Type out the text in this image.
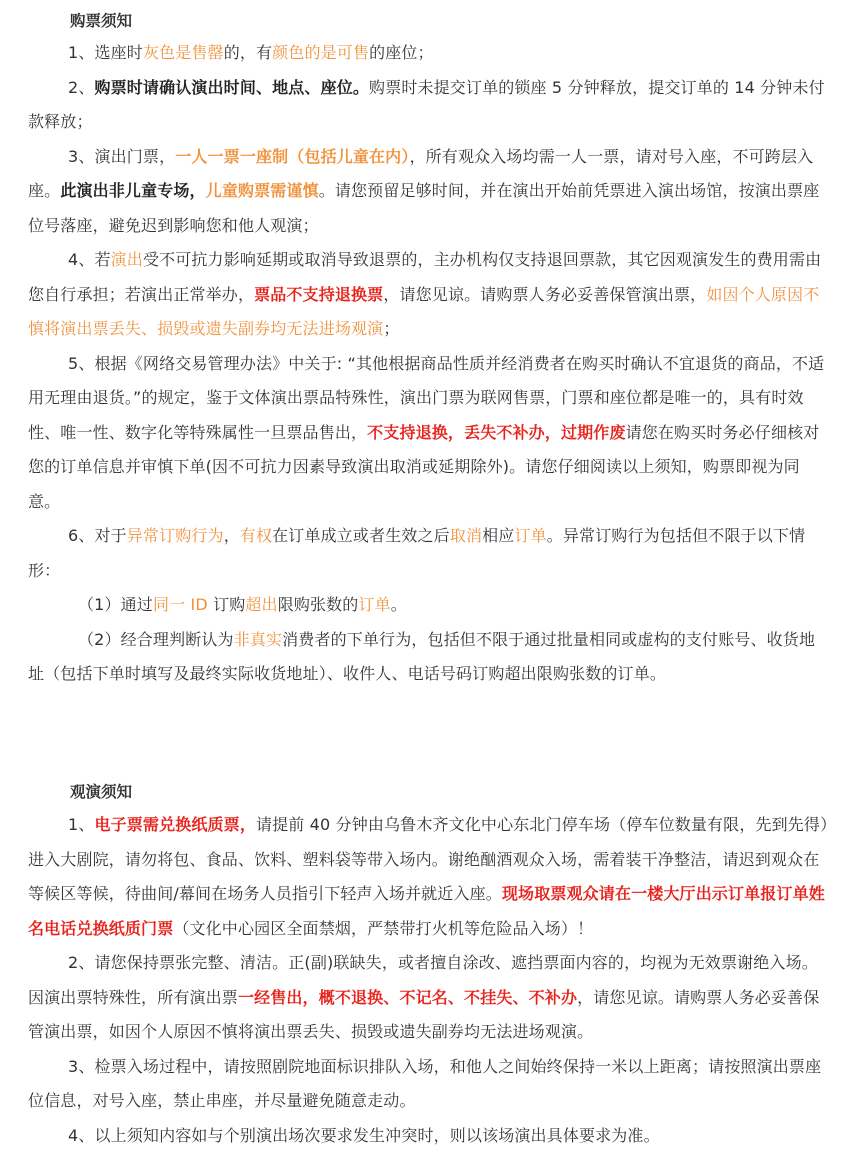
购票须知

1、选座时灰色是售罄的，有颜色的是可售的座位；

2、购票时请确认演出时间、地点、座位。购票时未提交订单的锁座 5 分钟释放，提交订单的 14 分钟未付款释放；

3、演出门票，一人一票一座制（包括儿童在内），所有观众入场均需一人一票，请对号入座，不可跨层入座。此演出非儿童专场，儿童购票需谨慎。请您预留足够时间，并在演出开始前凭票进入演出场馆，按演出票座位号落座，避免迟到影响您和他人观演；

4、若演出受不可抗力影响延期或取消导致退票的，主办机构仅支持退回票款，其它因观演发生的费用需由您自行承担；若演出正常举办，票品不支持退换票，请您见谅。请购票人务必妥善保管演出票，如因个人原因不慎将演出票丢失、损毁或遗失副券均无法进场观演；

5、根据《网络交易管理办法》中关于: “其他根据商品性质并经消费者在购买时确认不宜退货的商品，不适用无理由退货。”的规定，鉴于文体演出票品特殊性，演出门票为联网售票，门票和座位都是唯一的，具有时效性、唯一性、数字化等特殊属性一旦票品售出，不支持退换，丢失不补办，过期作废请您在购买时务必仔细核对您的订单信息并审慎下单(因不可抗力因素导致演出取消或延期除外)。请您仔细阅读以上须知，购票即视为同意。

6、对于异常订购行为，有权在订单成立或者生效之后取消相应订单。异常订购行为包括但不限于以下情形：

（1）通过同一 ID 订购超出限购张数的订单。

（2）经合理判断认为非真实消费者的下单行为，包括但不限于通过批量相同或虚构的支付账号、收货地址（包括下单时填写及最终实际收货地址）、收件人、电话号码订购超出限购张数的订单。

观演须知

1、电子票需兑换纸质票，请提前 40 分钟由乌鲁木齐文化中心东北门停车场（停车位数量有限，先到先得）进入大剧院，请勿将包、食品、饮料、塑料袋等带入场内。谢绝酗酒观众入场，需着装干净整洁，请迟到观众在等候区等候，待曲间/幕间在场务人员指引下轻声入场并就近入座。现场取票观众请在一楼大厅出示订单报订单姓名电话兑换纸质门票（文化中心园区全面禁烟，严禁带打火机等危险品入场）！

2、请您保持票张完整、清洁。正(副)联缺失，或者擅自涂改、遮挡票面内容的，均视为无效票谢绝入场。因演出票特殊性，所有演出票一经售出，概不退换、不记名、不挂失、不补办，请您见谅。请购票人务必妥善保管演出票，如因个人原因不慎将演出票丢失、损毁或遗失副券均无法进场观演。

3、检票入场过程中，请按照剧院地面标识排队入场，和他人之间始终保持一米以上距离；请按照演出票座位信息，对号入座，禁止串座，并尽量避免随意走动。

4、以上须知内容如与个别演出场次要求发生冲突时，则以该场演出具体要求为准。
